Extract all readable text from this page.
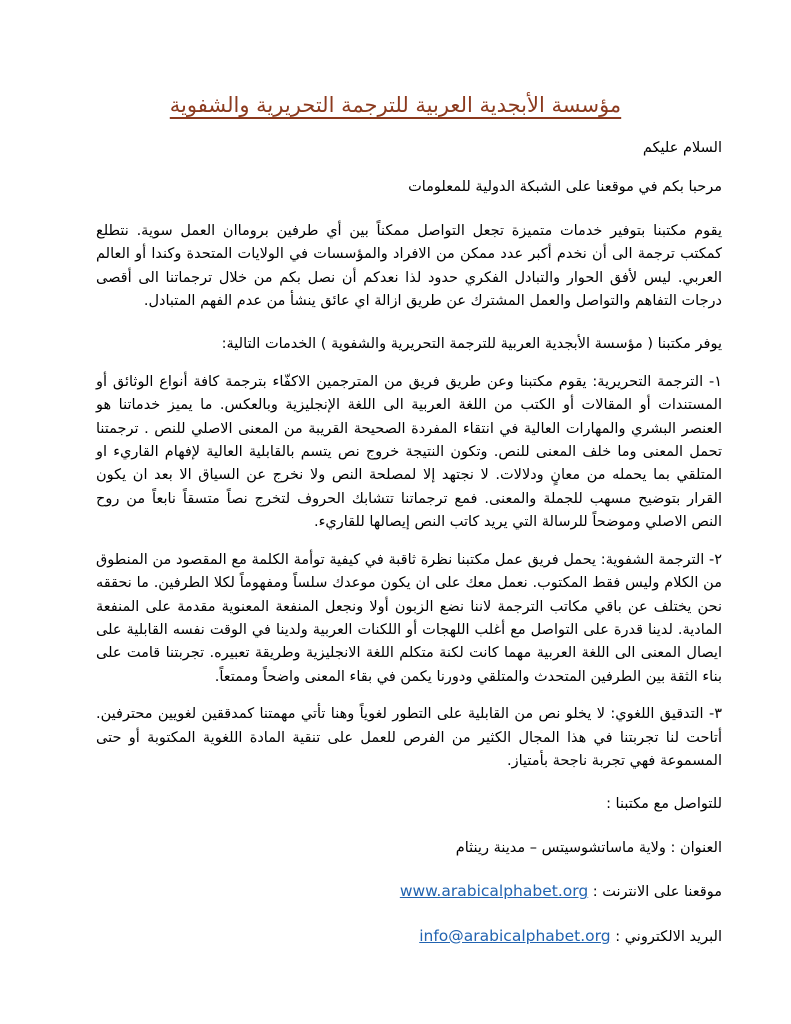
مؤسسة الأبجدية العربية للترجمة التحريرية والشفوية

السلام عليكم

مرحبا بكم في موقعنا على الشبكة الدولية للمعلومات

يقوم مكتبنا بتوفير خدمات متميزة تجعل التواصل ممكناً بين أي طرفين بروماان العمل سوية. نتطلع كمكتب ترجمة الى أن نخدم أكبر عدد ممكن من الافراد والمؤسسات في الولايات المتحدة وكندا أو العالم العربي. ليس لأفق الحوار والتبادل الفكري حدود لذا نعدكم أن نصل بكم من خلال ترجماتنا الى أقصى درجات التفاهم والتواصل والعمل المشترك عن طريق ازالة اي عائق ينشأ من عدم الفهم المتبادل.

يوفر مكتبنا ( مؤسسة الأبجدية العربية للترجمة التحريرية والشفوية ) الخدمات التالية:

١- الترجمة التحريرية: يقوم مكتبنا وعن طريق فريق من المترجمين الاكفّاء بترجمة كافة أنواع الوثائق أو المستندات أو المقالات أو الكتب من اللغة العربية الى اللغة الإنجليزية وبالعكس. ما يميز خدماتنا هو العنصر البشري والمهارات العالية في انتقاء المفردة الصحيحة القريبة من المعنى الاصلي للنص . ترجمتنا تحمل المعنى وما خلف المعنى للنص. وتكون النتيجة خروج نص يتسم بالقابلية العالية لإفهام القاريء او المتلقي بما يحمله من معانٍ ودلالات. لا نجتهد إلا لمصلحة النص ولا نخرج عن السياق الا بعد ان يكون القرار بتوضيح مسهب للجملة والمعنى. فمع ترجماتنا تتشابك الحروف لتخرج نصاً متسقاً نابعاً من روح النص الاصلي وموضحاً للرسالة التي يريد كاتب النص إيصالها للقاريء.

٢- الترجمة الشفوية: يحمل فريق عمل مكتبنا نظرة ثاقبة في كيفية توأمة الكلمة مع المقصود من المنطوق من الكلام وليس فقط المكتوب. نعمل معك على ان يكون موعدك سلساً ومفهوماً لكلا الطرفين. ما نحققه نحن يختلف عن باقي مكاتب الترجمة لاننا نضع الزبون أولا ونجعل المنفعة المعنوية مقدمة على المنفعة المادية. لدينا قدرة على التواصل مع أغلب اللهجات أو اللكنات العربية ولدينا في الوقت نفسه القابلية على ايصال المعنى الى اللغة العربية مهما كانت لكنة متكلم اللغة الانجليزية وطريقة تعبيره. تجربتنا قامت على بناء الثقة بين الطرفين المتحدث والمتلقي ودورنا يكمن في بقاء المعنى واضحاً وممتعاً.

٣- التدقيق اللغوي: لا يخلو نص من القابلية على التطور لغوياً وهنا تأتي مهمتنا كمدققين لغويين محترفين. أتاحت لنا تجربتنا في هذا المجال الكثير من الفرص للعمل على تنقية المادة اللغوية المكتوبة أو حتى المسموعة فهي تجربة ناجحة بأمتياز.

للتواصل مع مكتبنا :

العنوان : ولاية ماساتشوسيتس – مدينة رينثام

موقعنا على الانترنت : www.arabicalphabet.org

البريد الالكتروني : info@arabicalphabet.org
